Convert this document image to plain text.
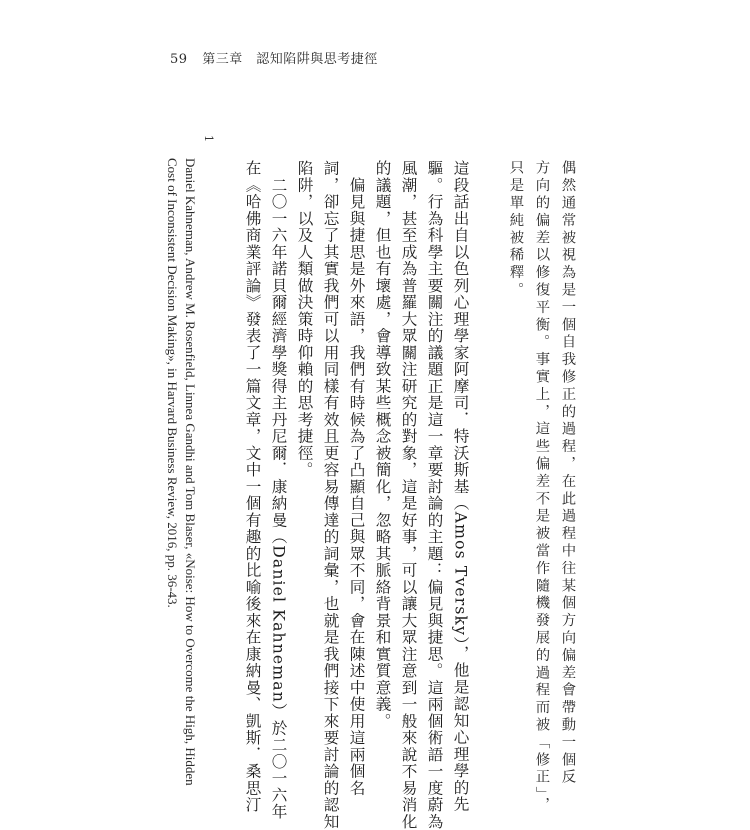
59 第三章　認知陷阱與思考捷徑
偶然通常被視為是一個自我修正的過程，在此過程中往某個方向偏差會帶動一個反
方向的偏差以修復平衡。事實上，這些偏差不是被當作隨機發展的過程而被「修正」，
只是單純被稀釋。
這段話出自以色列心理學家阿摩司．特沃斯基（Amos Tversky），他是認知心理學的先
驅。行為科學主要關注的議題正是這一章要討論的主題：偏見與捷思。這兩個術語一度蔚為
風潮，甚至成為普羅大眾關注研究的對象，這是好事，可以讓大眾注意到一般來說不易消化
的議題，但也有壞處，會導致某些概念被簡化，忽略其脈絡背景和實質意義。
　偏見與捷思是外來語，我們有時候為了凸顯自己與眾不同，會在陳述中使用這兩個名
詞，卻忘了其實我們可以用同樣有效且更容易傳達的詞彙，也就是我們接下來要討論的認知
陷阱，以及人類做決策時仰賴的思考捷徑。
　二〇一六年諾貝爾經濟學獎得主丹尼爾．康納曼（Daniel Kahneman）於二〇一六年
在《哈佛商業評論》發表了一篇文章，文中一個有趣的比喻後來在康納曼、凱斯．桑思汀
1
Daniel Kahneman, Andrew M. Rosenfield, Linnea Gandhi and Tom Blaser, «Noise: How to Overcome the High, Hidden
Cost of Inconsistent Decision Making», in Harvard Business Review, 2016, pp. 36-43.
